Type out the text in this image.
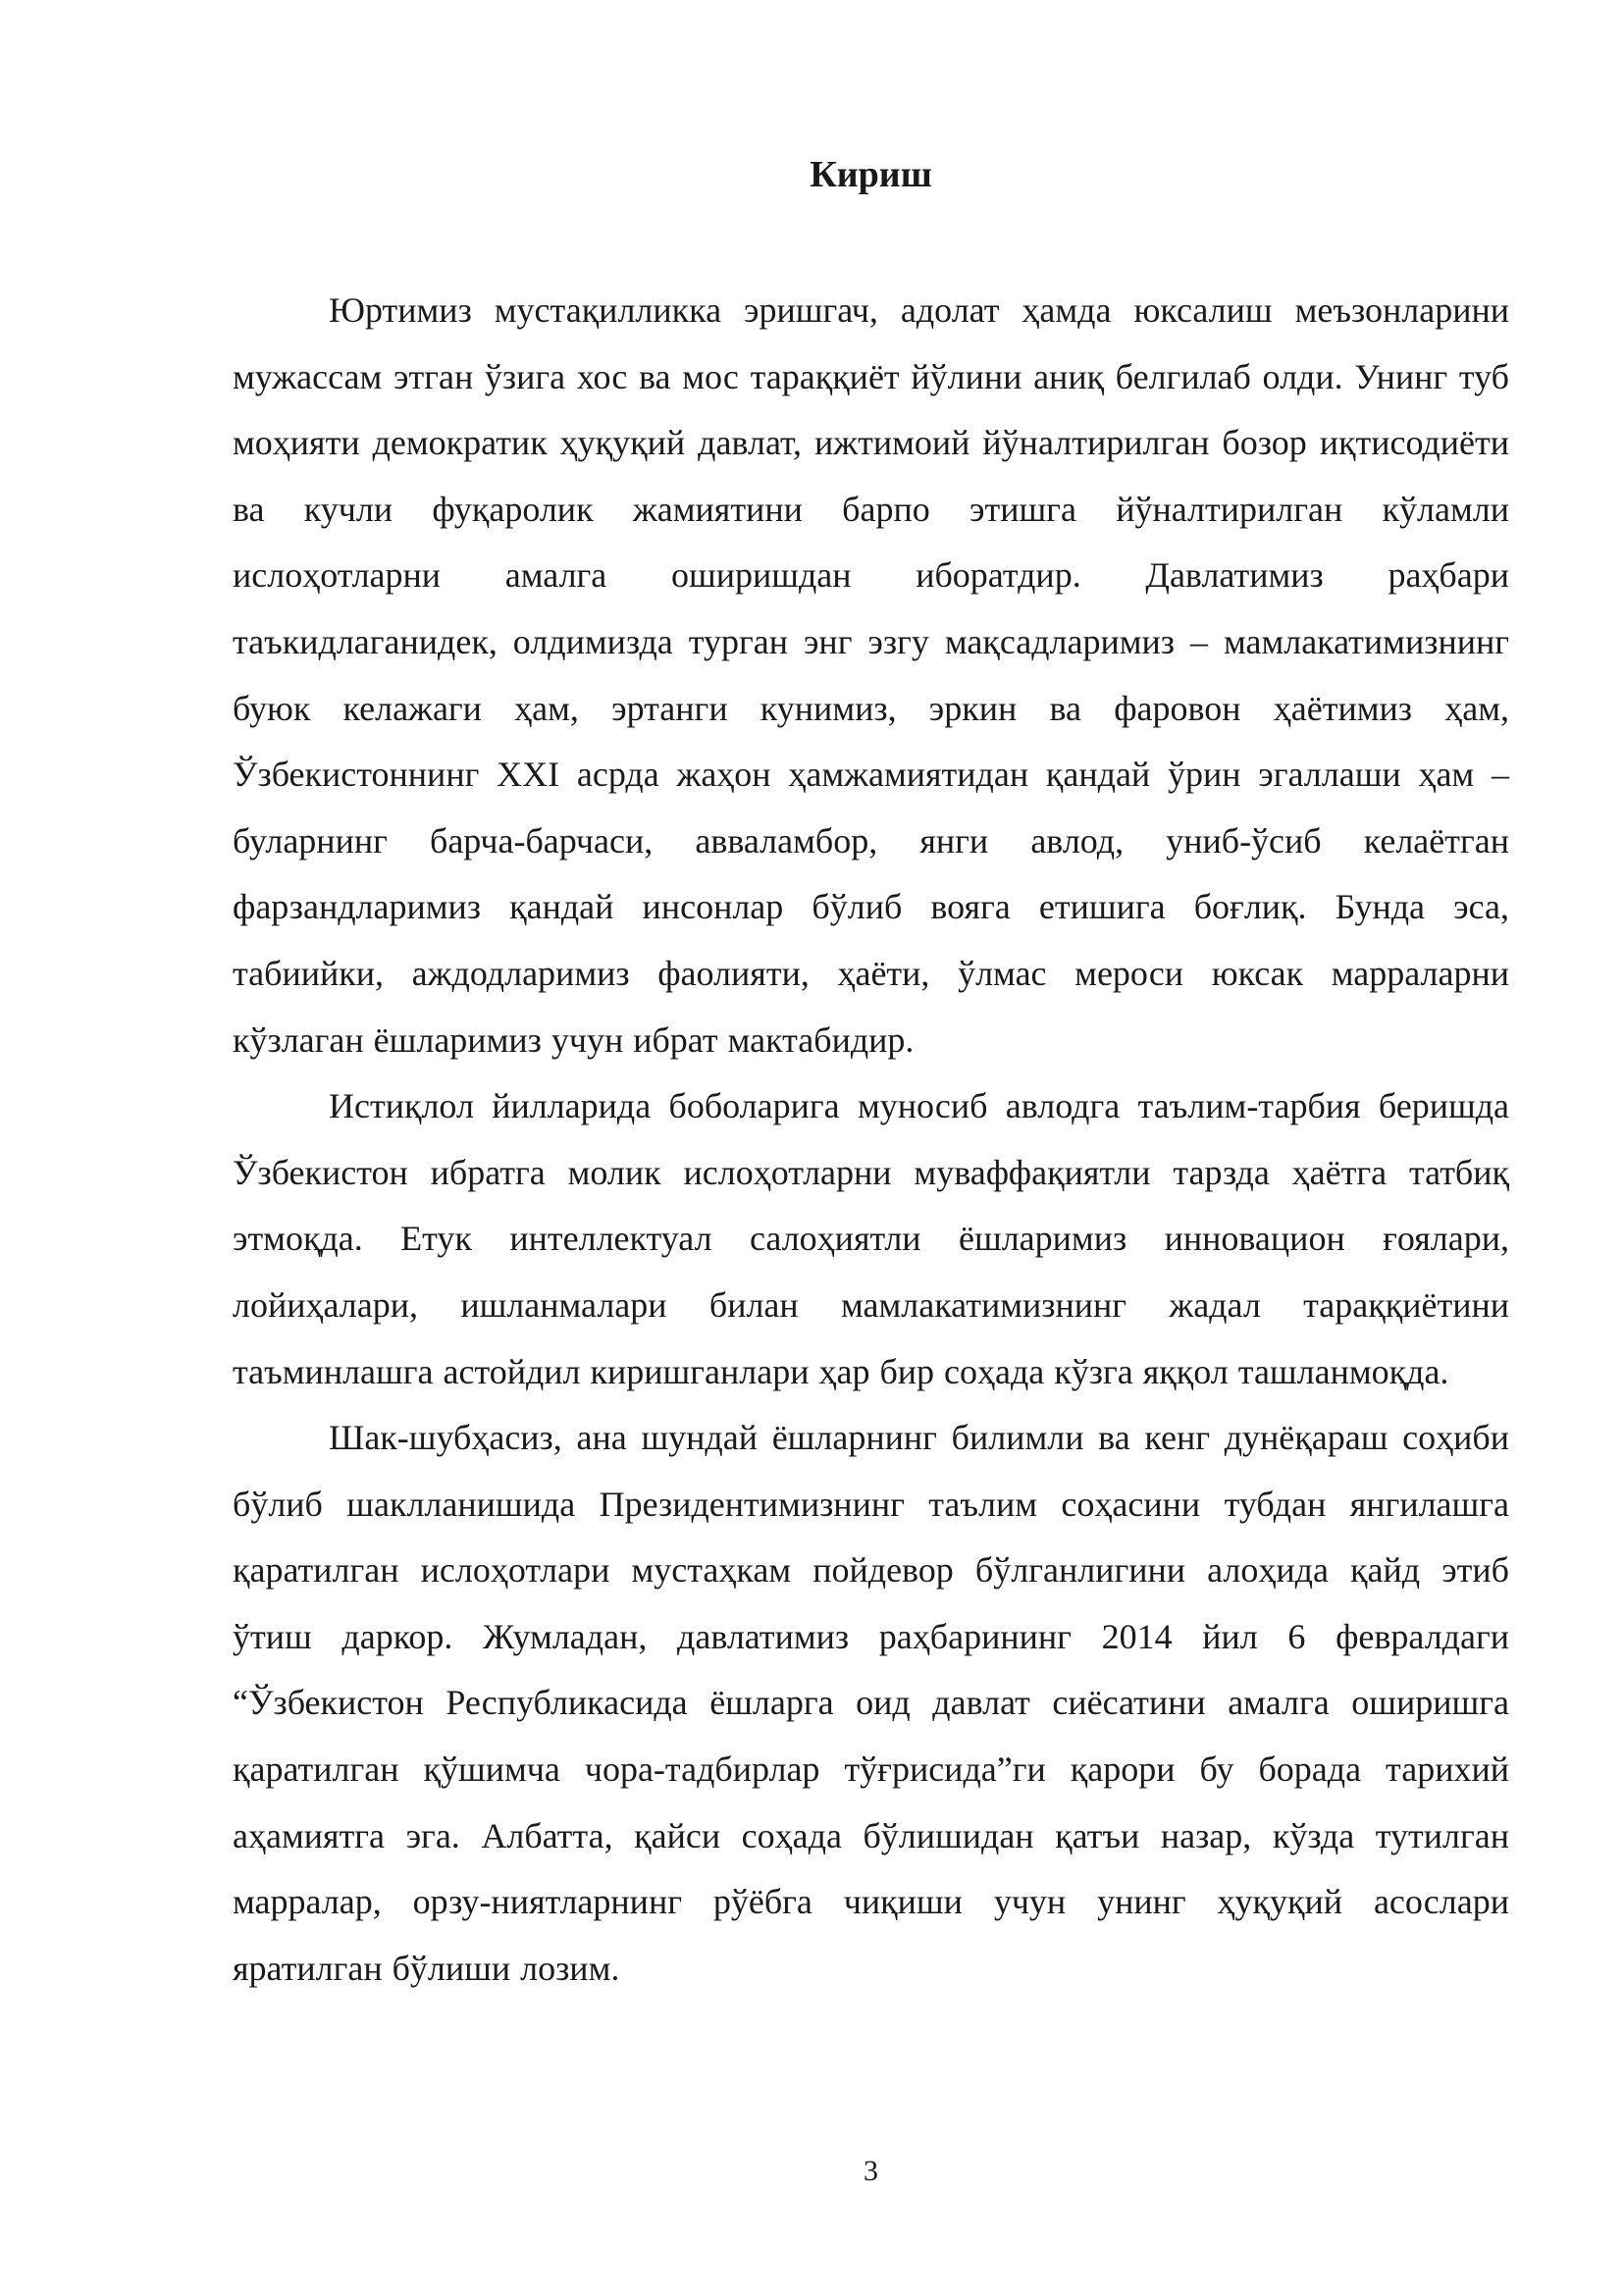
Кириш

Юртимиз мустақилликка эришгач, адолат ҳамда юксалиш меъзонларини мужассам этган ўзига хос ва мос тараққиёт йўлини аниқ белгилаб олди. Унинг туб моҳияти демократик ҳуқуқий давлат, ижтимоий йўналтирилган бозор иқтисодиёти ва кучли фуқаролик жамиятини барпо этишга йўналтирилган кўламли ислоҳотларни амалга оширишдан иборатдир. Давлатимиз раҳбари таъкидлаганидек, олдимизда турган энг эзгу мақсадларимиз – мамлакатимизнинг буюк келажаги ҳам, эртанги кунимиз, эркин ва фаровон ҳаётимиз ҳам, Ўзбекистоннинг XXI асрда жаҳон ҳамжамиятидан қандай ўрин эгаллаши ҳам – буларнинг барча-барчаси, авваламбор, янги авлод, униб-ўсиб келаётган фарзандларимиз қандай инсонлар бўлиб вояга етишига боғлиқ. Бунда эса, табиийки, аждодларимиз фаолияти, ҳаёти, ўлмас мероси юксак марраларни кўзлаган ёшларимиз учун ибрат мактабидир.

Истиқлол йилларида боболарига муносиб авлодга таълим-тарбия беришда Ўзбекистон ибратга молик ислоҳотларни муваффақиятли тарзда ҳаётга татбиқ этмоқда. Етук интеллектуал салоҳиятли ёшларимиз инновацион ғоялари, лойиҳалари, ишланмалари билан мамлакатимизнинг жадал тараққиётини таъминлашга астойдил киришганлари ҳар бир соҳада кўзга яққол ташланмоқда.

Шак-шубҳасиз, ана шундай ёшларнинг билимли ва кенг дунёқараш соҳиби бўлиб шаклланишида Президентимизнинг таълим соҳасини тубдан янгилашга қаратилган ислоҳотлари мустаҳкам пойдевор бўлганлигини алоҳида қайд этиб ўтиш даркор. Жумладан, давлатимиз раҳбарининг 2014 йил 6 февралдаги “Ўзбекистон Республикасида ёшларга оид давлат сиёсатини амалга оширишга қаратилган қўшимча чора-тадбирлар тўғрисида”ги қарори бу борада тарихий аҳамиятга эга. Албатта, қайси соҳада бўлишидан қатъи назар, кўзда тутилган марралар, орзу-ниятларнинг рўёбга чиқиши учун унинг ҳуқуқий асослари яратилган бўлиши лозим.

3
